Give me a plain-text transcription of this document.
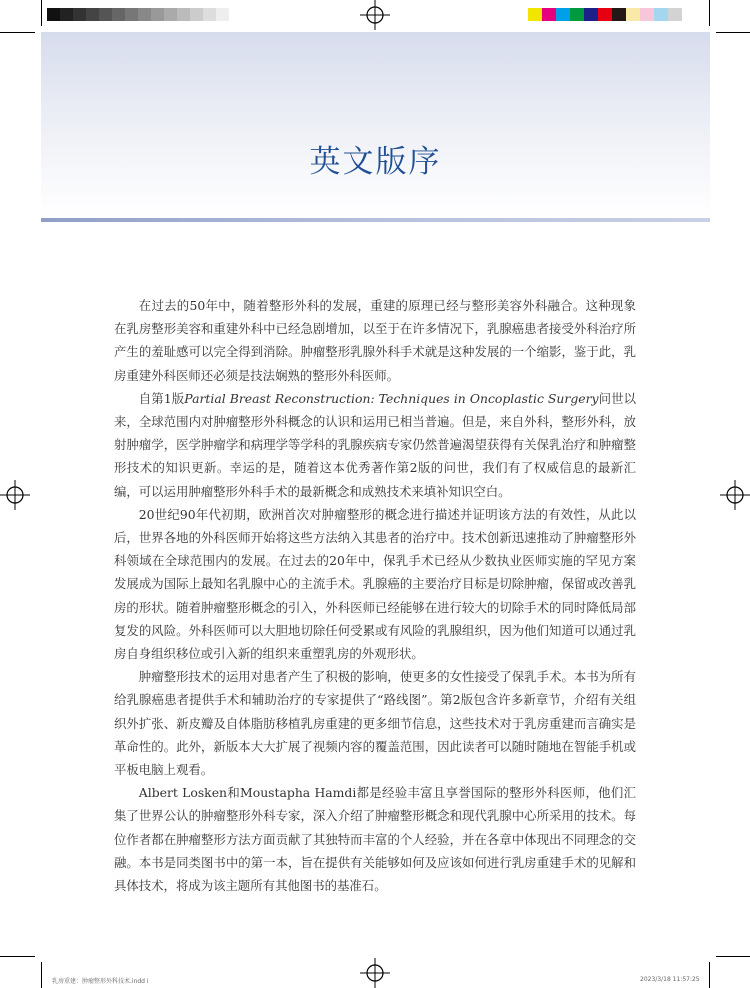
英文版序

在过去的50年中，随着整形外科的发展，重建的原理已经与整形美容外科融合。这种现象在乳房整形美容和重建外科中已经急剧增加，以至于在许多情况下，乳腺癌患者接受外科治疗所产生的羞耻感可以完全得到消除。肿瘤整形乳腺外科手术就是这种发展的一个缩影，鉴于此，乳房重建外科医师还必须是技法娴熟的整形外科医师。

自第1版Partial Breast Reconstruction: Techniques in Oncoplastic Surgery问世以来，全球范围内对肿瘤整形外科概念的认识和运用已相当普遍。但是，来自外科，整形外科，放射肿瘤学，医学肿瘤学和病理学等学科的乳腺疾病专家仍然普遍渴望获得有关保乳治疗和肿瘤整形技术的知识更新。幸运的是，随着这本优秀著作第2版的问世，我们有了权威信息的最新汇编，可以运用肿瘤整形外科手术的最新概念和成熟技术来填补知识空白。

20世纪90年代初期，欧洲首次对肿瘤整形的概念进行描述并证明该方法的有效性，从此以后，世界各地的外科医师开始将这些方法纳入其患者的治疗中。技术创新迅速推动了肿瘤整形外科领域在全球范围内的发展。在过去的20年中，保乳手术已经从少数执业医师实施的罕见方案发展成为国际上最知名乳腺中心的主流手术。乳腺癌的主要治疗目标是切除肿瘤，保留或改善乳房的形状。随着肿瘤整形概念的引入，外科医师已经能够在进行较大的切除手术的同时降低局部复发的风险。外科医师可以大胆地切除任何受累或有风险的乳腺组织，因为他们知道可以通过乳房自身组织移位或引入新的组织来重塑乳房的外观形状。

肿瘤整形技术的运用对患者产生了积极的影响，使更多的女性接受了保乳手术。本书为所有给乳腺癌患者提供手术和辅助治疗的专家提供了“路线图”。第2版包含许多新章节，介绍有关组织外扩张、新皮瓣及自体脂肪移植乳房重建的更多细节信息，这些技术对于乳房重建而言确实是革命性的。此外，新版本大大扩展了视频内容的覆盖范围，因此读者可以随时随地在智能手机或平板电脑上观看。

Albert Losken和Moustapha Hamdi都是经验丰富且享誉国际的整形外科医师，他们汇集了世界公认的肿瘤整形外科专家，深入介绍了肿瘤整形概念和现代乳腺中心所采用的技术。每位作者都在肿瘤整形方法方面贡献了其独特而丰富的个人经验，并在各章中体现出不同理念的交融。本书是同类图书中的第一本，旨在提供有关能够如何及应该如何进行乳房重建手术的见解和具体技术，将成为该主题所有其他图书的基准石。

乳房重建：肿瘤整形外科技术.indd i	2023/3/18 11:57:25
